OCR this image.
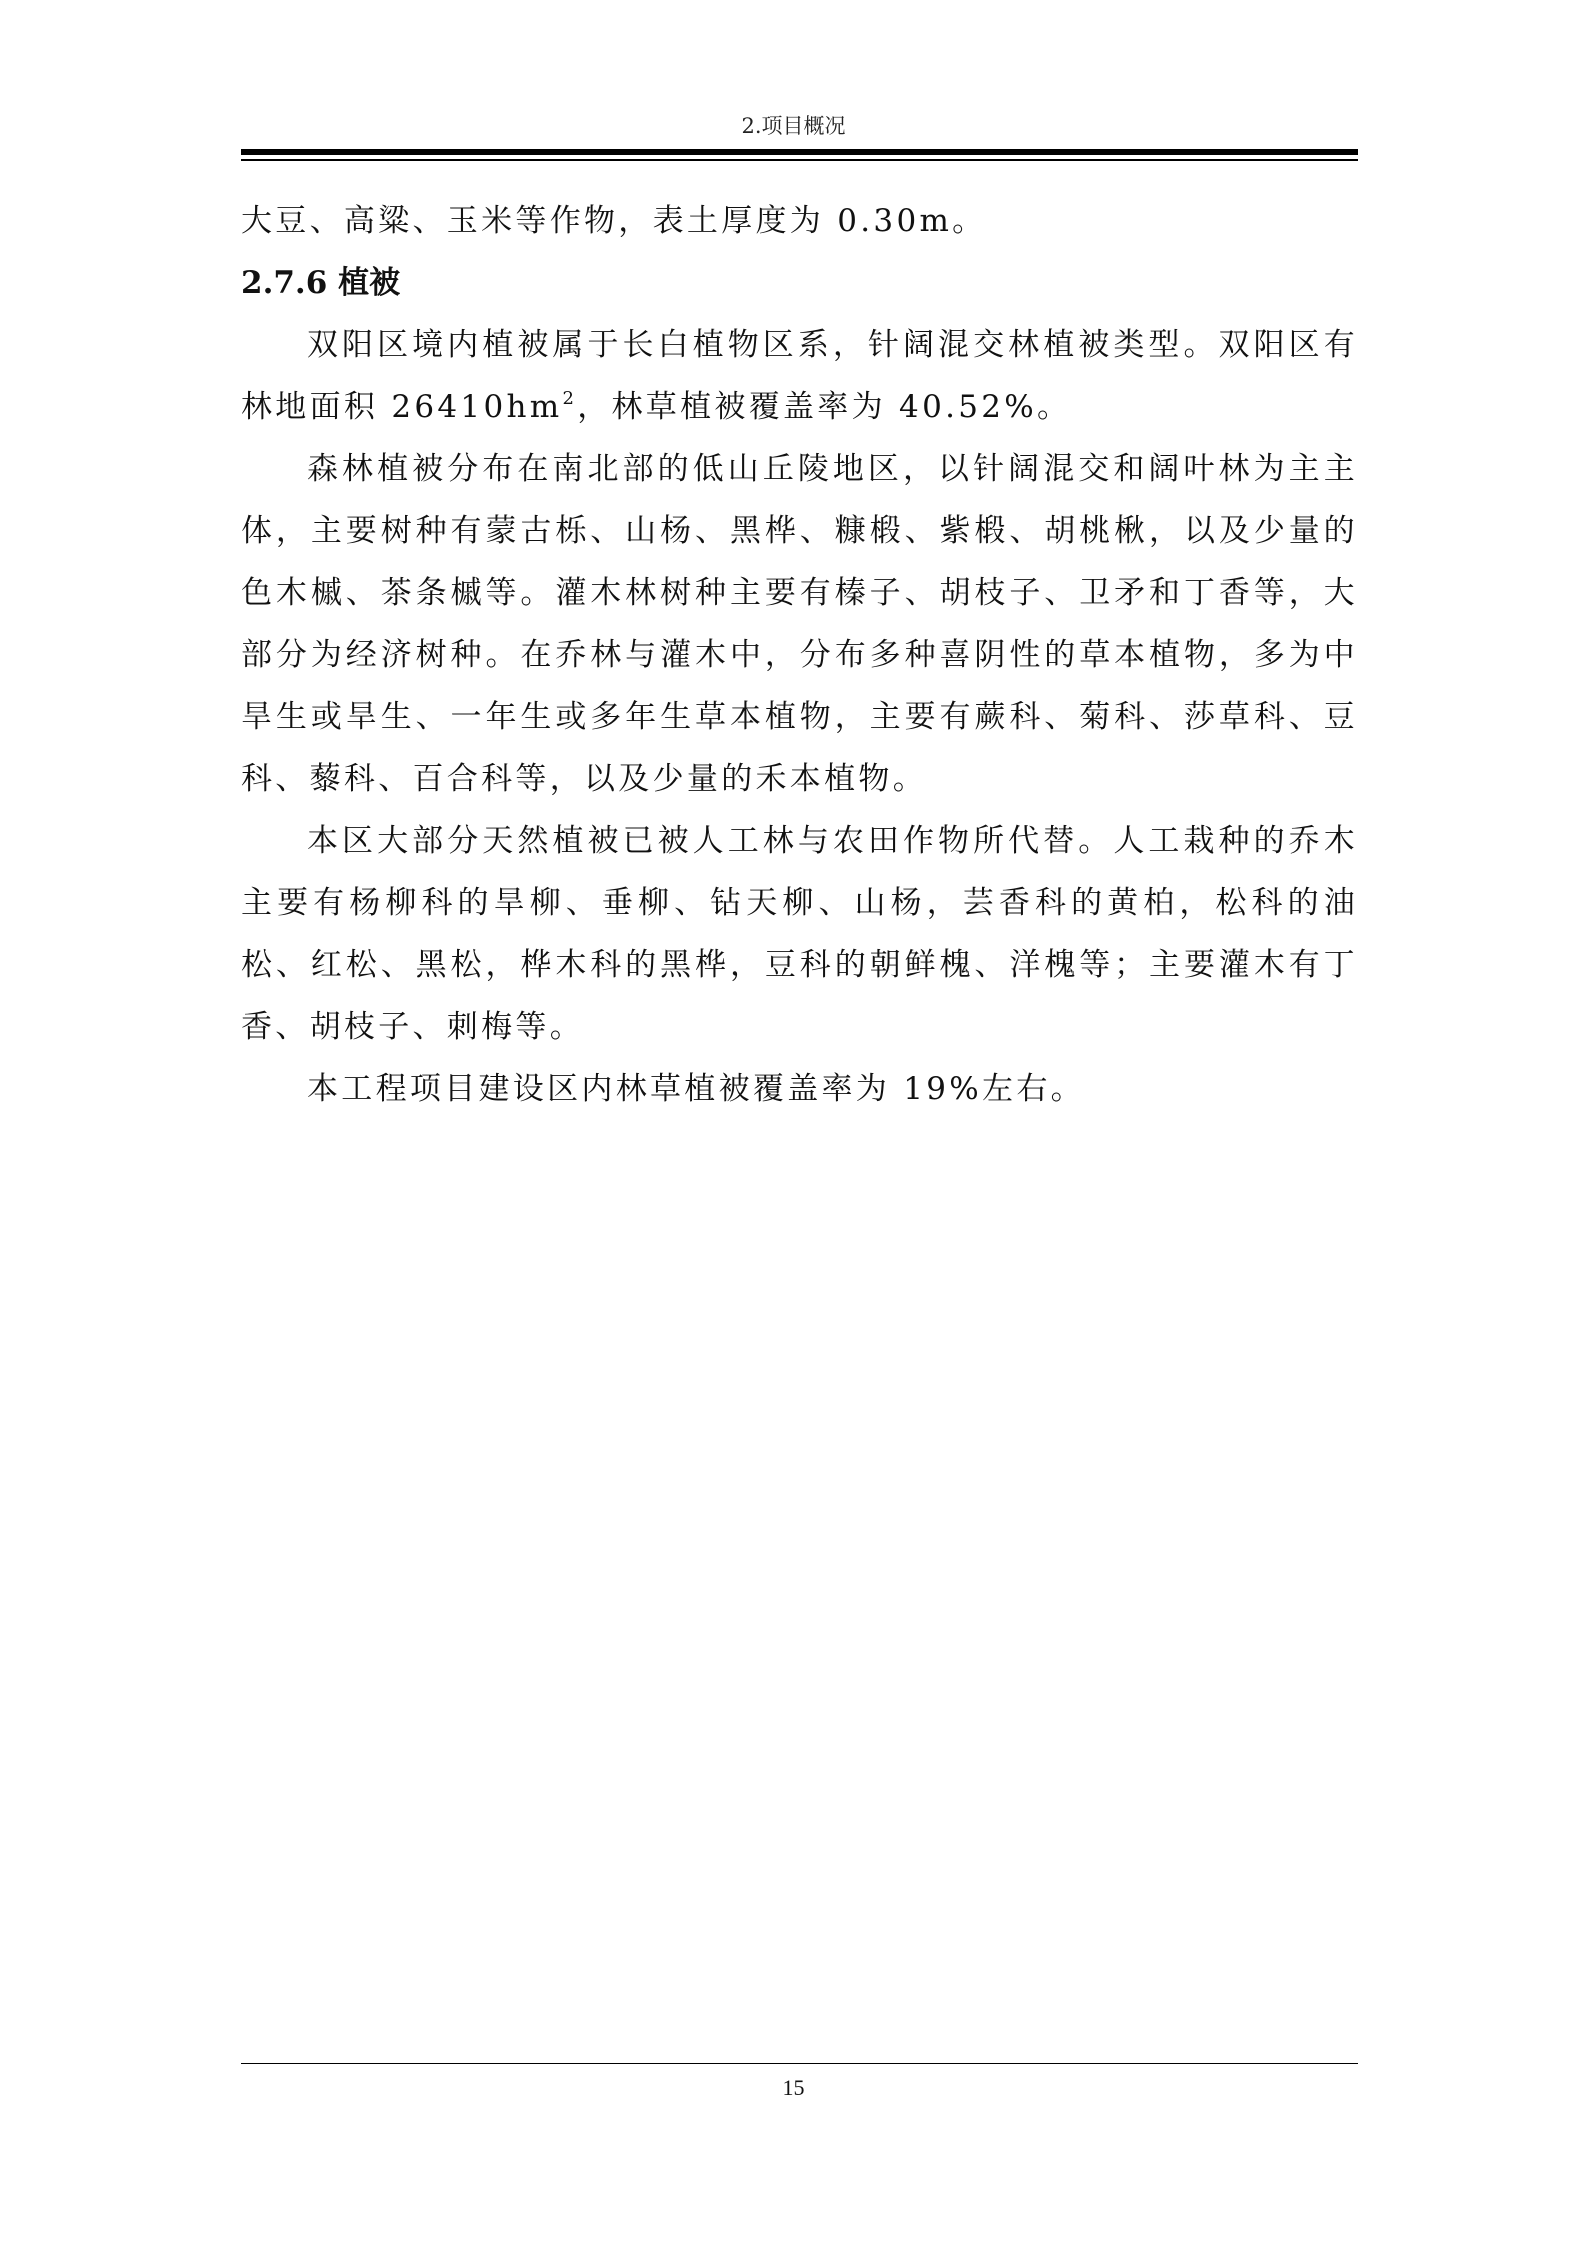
2.项目概况

大豆、高粱、玉米等作物，表土厚度为 0.30m。

2.7.6 植被

双阳区境内植被属于长白植物区系，针阔混交林植被类型。双阳区有林地面积 $26410hm^2$，林草植被覆盖率为 40.52%。

森林植被分布在南北部的低山丘陵地区，以针阔混交和阔叶林为主主体，主要树种有蒙古栎、山杨、黑桦、糠椴、紫椴、胡桃楸，以及少量的色木槭、茶条槭等。灌木林树种主要有榛子、胡枝子、卫矛和丁香等，大部分为经济树种。在乔林与灌木中，分布多种喜阴性的草本植物，多为中旱生或旱生、一年生或多年生草本植物，主要有蕨科、菊科、莎草科、豆科、藜科、百合科等，以及少量的禾本植物。

本区大部分天然植被已被人工林与农田作物所代替。人工栽种的乔木主要有杨柳科的旱柳、垂柳、钻天柳、山杨，芸香科的黄柏，松科的油松、红松、黑松，桦木科的黑桦，豆科的朝鲜槐、洋槐等；主要灌木有丁香、胡枝子、刺梅等。

本工程项目建设区内林草植被覆盖率为 19%左右。

15
